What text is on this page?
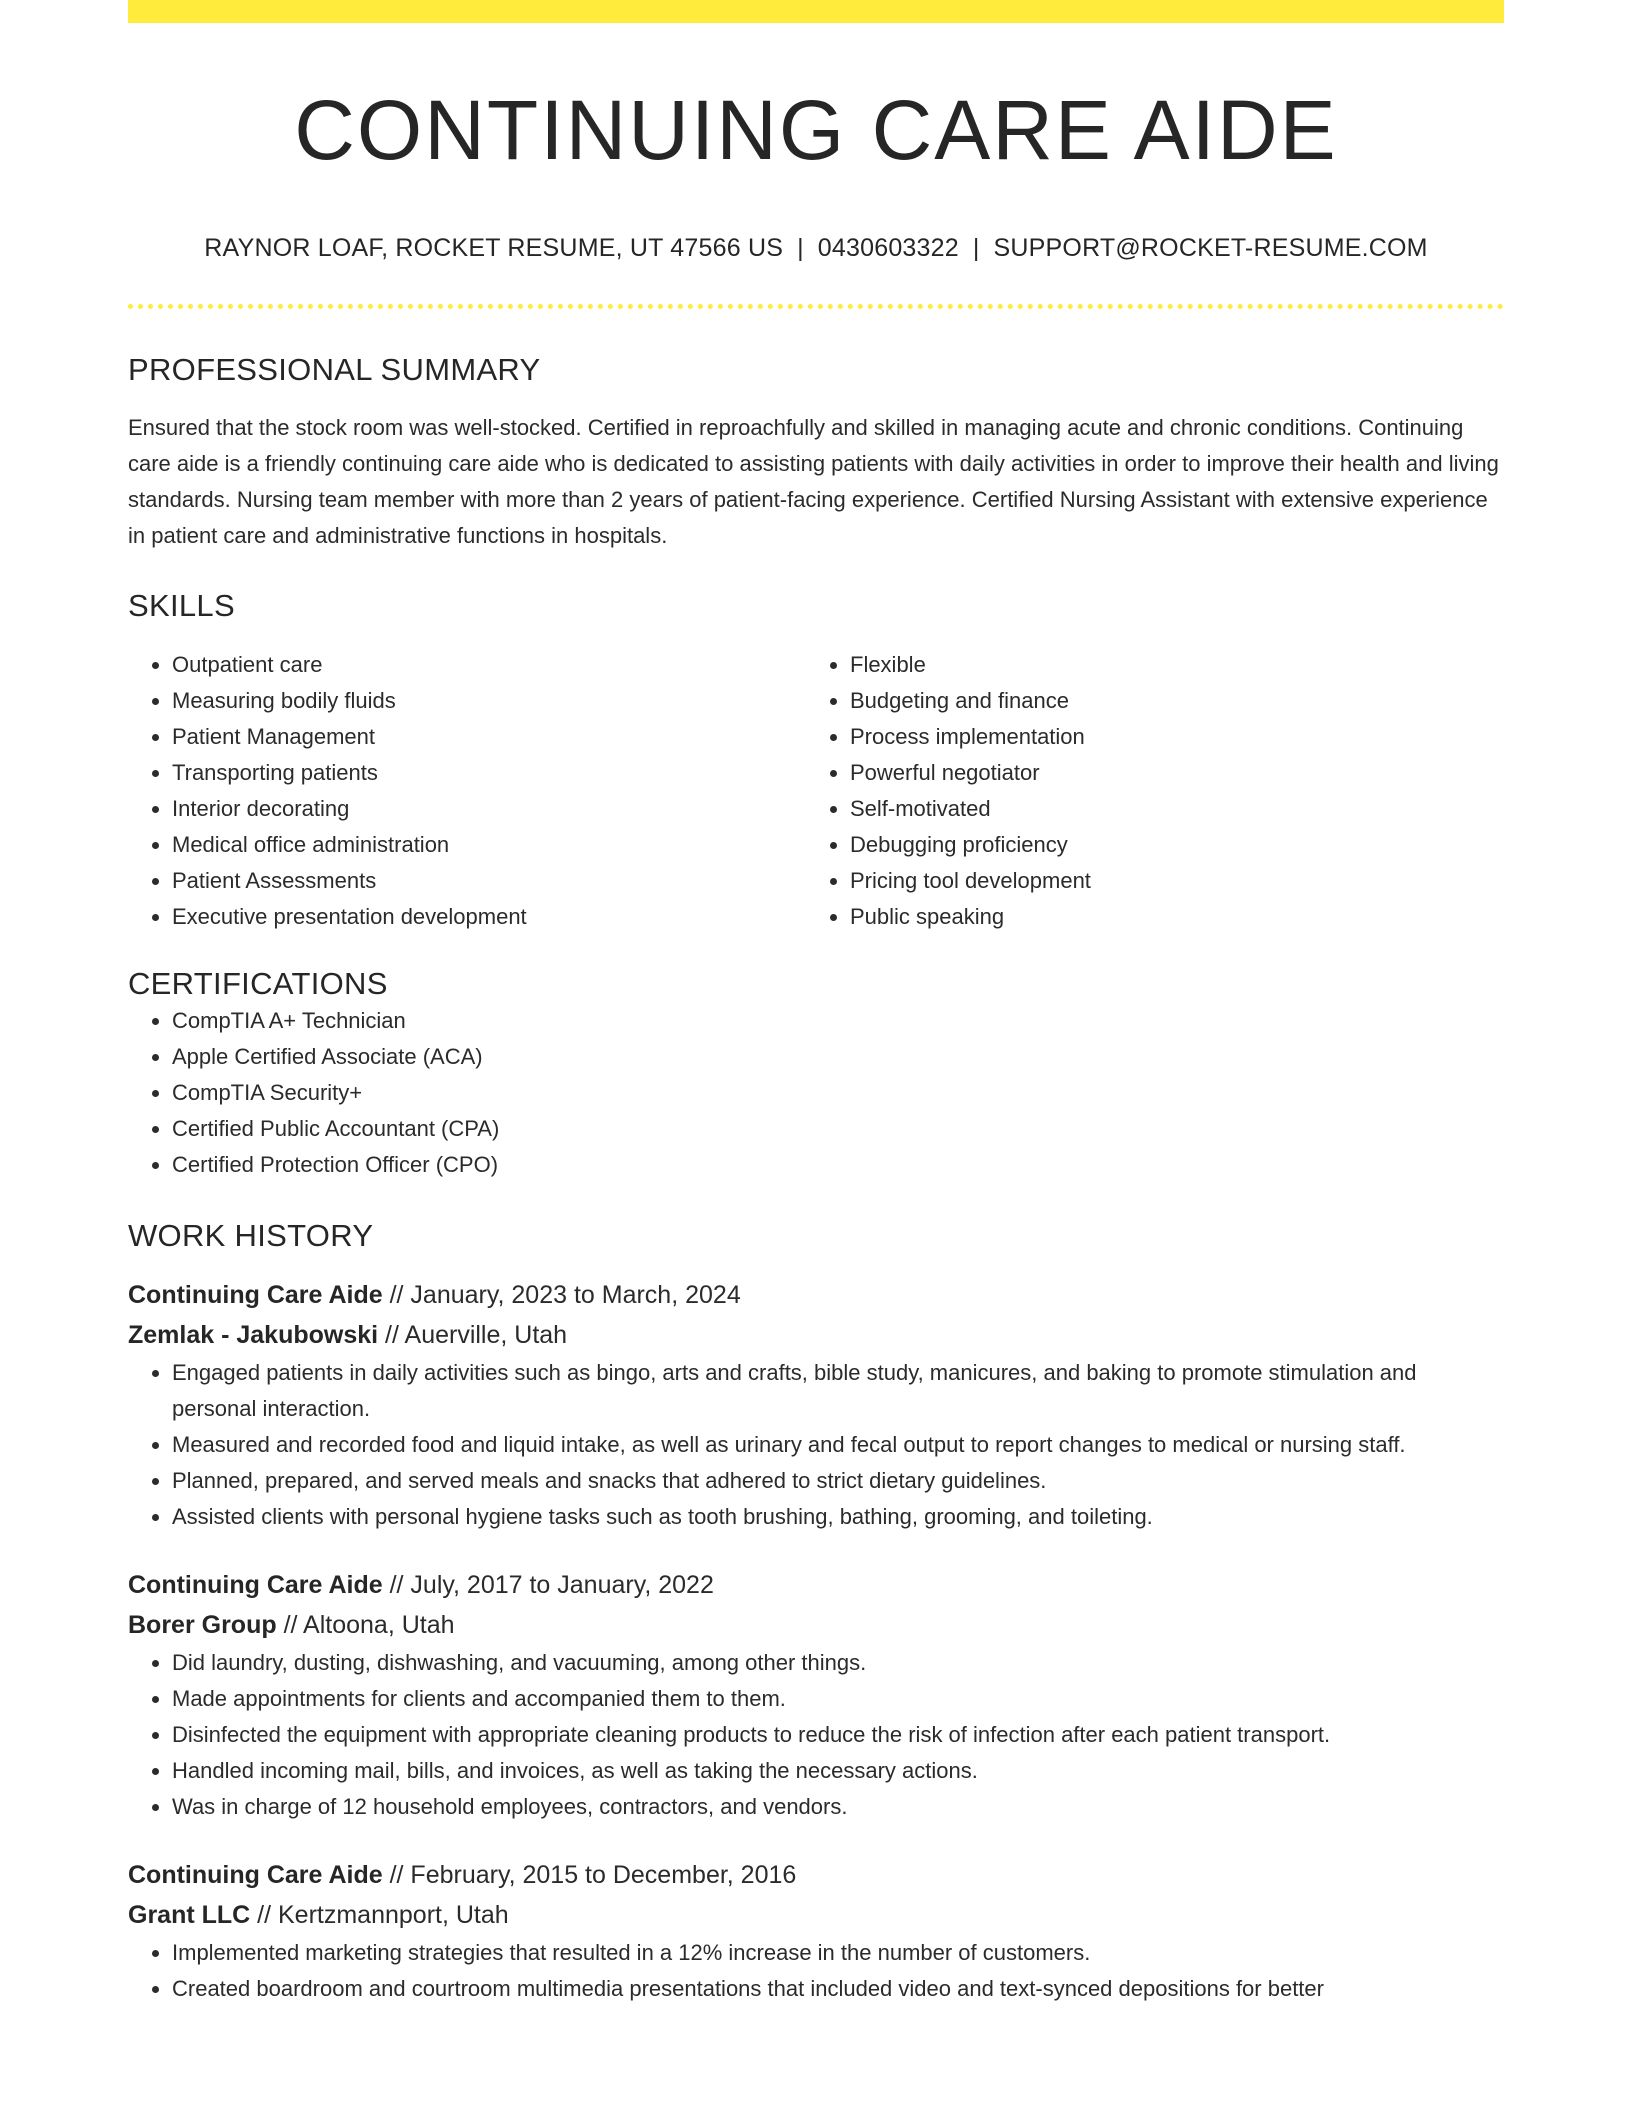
CONTINUING CARE AIDE
RAYNOR LOAF, ROCKET RESUME, UT 47566 US | 0430603322 | SUPPORT@ROCKET-RESUME.COM
PROFESSIONAL SUMMARY
Ensured that the stock room was well-stocked. Certified in reproachfully and skilled in managing acute and chronic conditions. Continuing care aide is a friendly continuing care aide who is dedicated to assisting patients with daily activities in order to improve their health and living standards. Nursing team member with more than 2 years of patient-facing experience. Certified Nursing Assistant with extensive experience in patient care and administrative functions in hospitals.
SKILLS
• Outpatient care
• Measuring bodily fluids
• Patient Management
• Transporting patients
• Interior decorating
• Medical office administration
• Patient Assessments
• Executive presentation development
• Flexible
• Budgeting and finance
• Process implementation
• Powerful negotiator
• Self-motivated
• Debugging proficiency
• Pricing tool development
• Public speaking
CERTIFICATIONS
• CompTIA A+ Technician
• Apple Certified Associate (ACA)
• CompTIA Security+
• Certified Public Accountant (CPA)
• Certified Protection Officer (CPO)
WORK HISTORY
Continuing Care Aide // January, 2023 to March, 2024
Zemlak - Jakubowski // Auerville, Utah
• Engaged patients in daily activities such as bingo, arts and crafts, bible study, manicures, and baking to promote stimulation and personal interaction.
• Measured and recorded food and liquid intake, as well as urinary and fecal output to report changes to medical or nursing staff.
• Planned, prepared, and served meals and snacks that adhered to strict dietary guidelines.
• Assisted clients with personal hygiene tasks such as tooth brushing, bathing, grooming, and toileting.
Continuing Care Aide // July, 2017 to January, 2022
Borer Group // Altoona, Utah
• Did laundry, dusting, dishwashing, and vacuuming, among other things.
• Made appointments for clients and accompanied them to them.
• Disinfected the equipment with appropriate cleaning products to reduce the risk of infection after each patient transport.
• Handled incoming mail, bills, and invoices, as well as taking the necessary actions.
• Was in charge of 12 household employees, contractors, and vendors.
Continuing Care Aide // February, 2015 to December, 2016
Grant LLC // Kertzmannport, Utah
• Implemented marketing strategies that resulted in a 12% increase in the number of customers.
• Created boardroom and courtroom multimedia presentations that included video and text-synced depositions for better
